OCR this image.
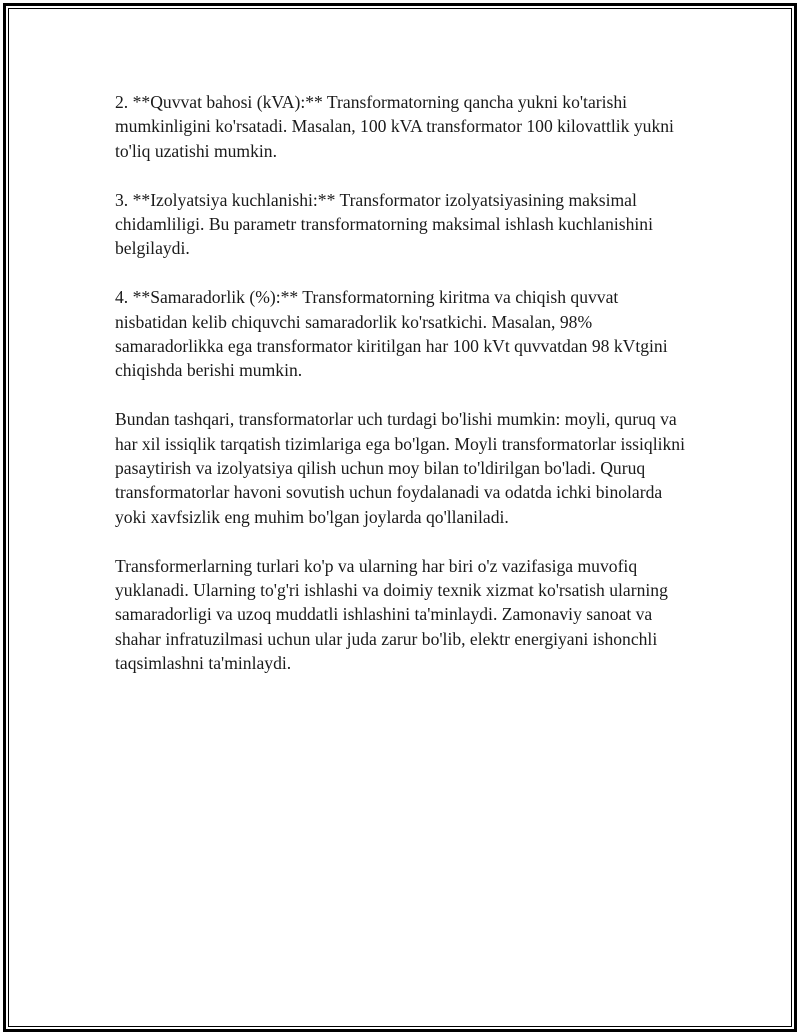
2. **Quvvat bahosi (kVA):** Transformatorning qancha yukni ko'tarishi mumkinligini ko'rsatadi. Masalan, 100 kVA transformator 100 kilovattlik yukni to'liq uzatishi mumkin.

3. **Izolyatsiya kuchlanishi:** Transformator izolyatsiyasining maksimal chidamliligi. Bu parametr transformatorning maksimal ishlash kuchlanishini belgilaydi.

4. **Samaradorlik (%):** Transformatorning kiritma va chiqish quvvat nisbatidan kelib chiquvchi samaradorlik ko'rsatkichi. Masalan, 98% samaradorlikka ega transformator kiritilgan har 100 kVt quvvatdan 98 kVtgini chiqishda berishi mumkin.

Bundan tashqari, transformatorlar uch turdagi bo'lishi mumkin: moyli, quruq va har xil issiqlik tarqatish tizimlariga ega bo'lgan. Moyli transformatorlar issiqlikni pasaytirish va izolyatsiya qilish uchun moy bilan to'ldirilgan bo'ladi. Quruq transformatorlar havoni sovutish uchun foydalanadi va odatda ichki binolarda yoki xavfsizlik eng muhim bo'lgan joylarda qo'llaniladi.

Transformerlarning turlari ko'p va ularning har biri o'z vazifasiga muvofiq yuklanadi. Ularning to'g'ri ishlashi va doimiy texnik xizmat ko'rsatish ularning samaradorligi va uzoq muddatli ishlashini ta'minlaydi. Zamonaviy sanoat va shahar infratuzilmasi uchun ular juda zarur bo'lib, elektr energiyani ishonchli taqsimlashni ta'minlaydi.
